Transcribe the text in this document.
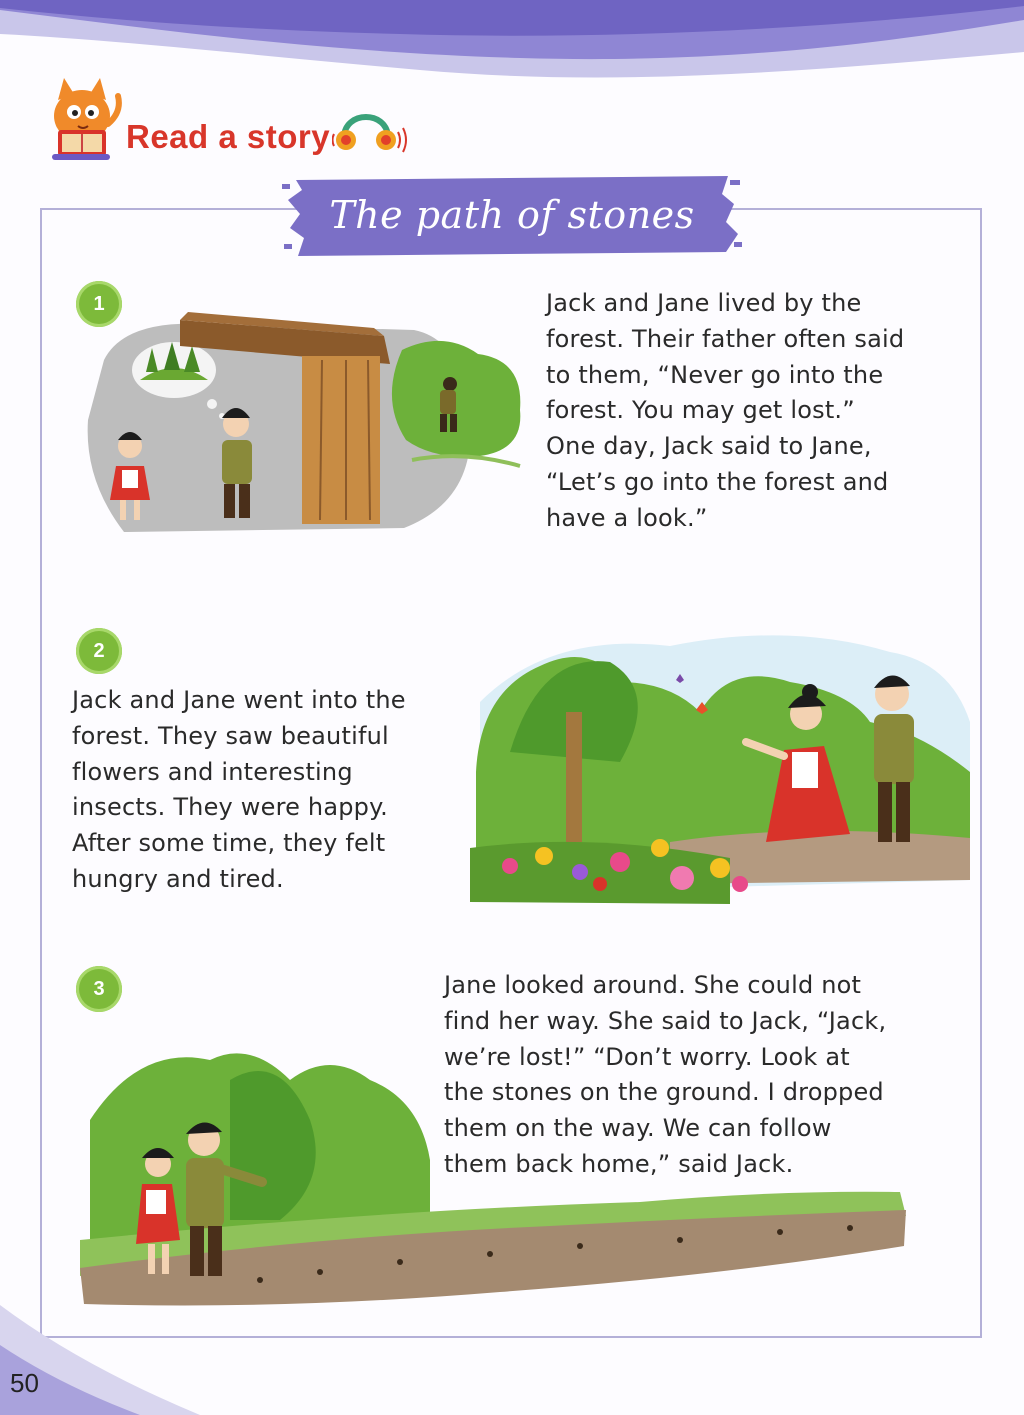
Read a story
The path of stones
1	Jack and Jane lived by the
forest. Their father often said
to them, “Never go into the
forest. You may get lost.”
One day, Jack said to Jane,
“Let’s go into the forest and
have a look.”
2
Jack and Jane went into the
forest. They saw beautiful
flowers and interesting
insects. They were happy.
After some time, they felt
hungry and tired.
3	Jane looked around. She could not
find her way. She said to Jack, “Jack,
we’re lost!” “Don’t worry. Look at
the stones on the ground. I dropped
them on the way. We can follow
them back home,” said Jack.
50
